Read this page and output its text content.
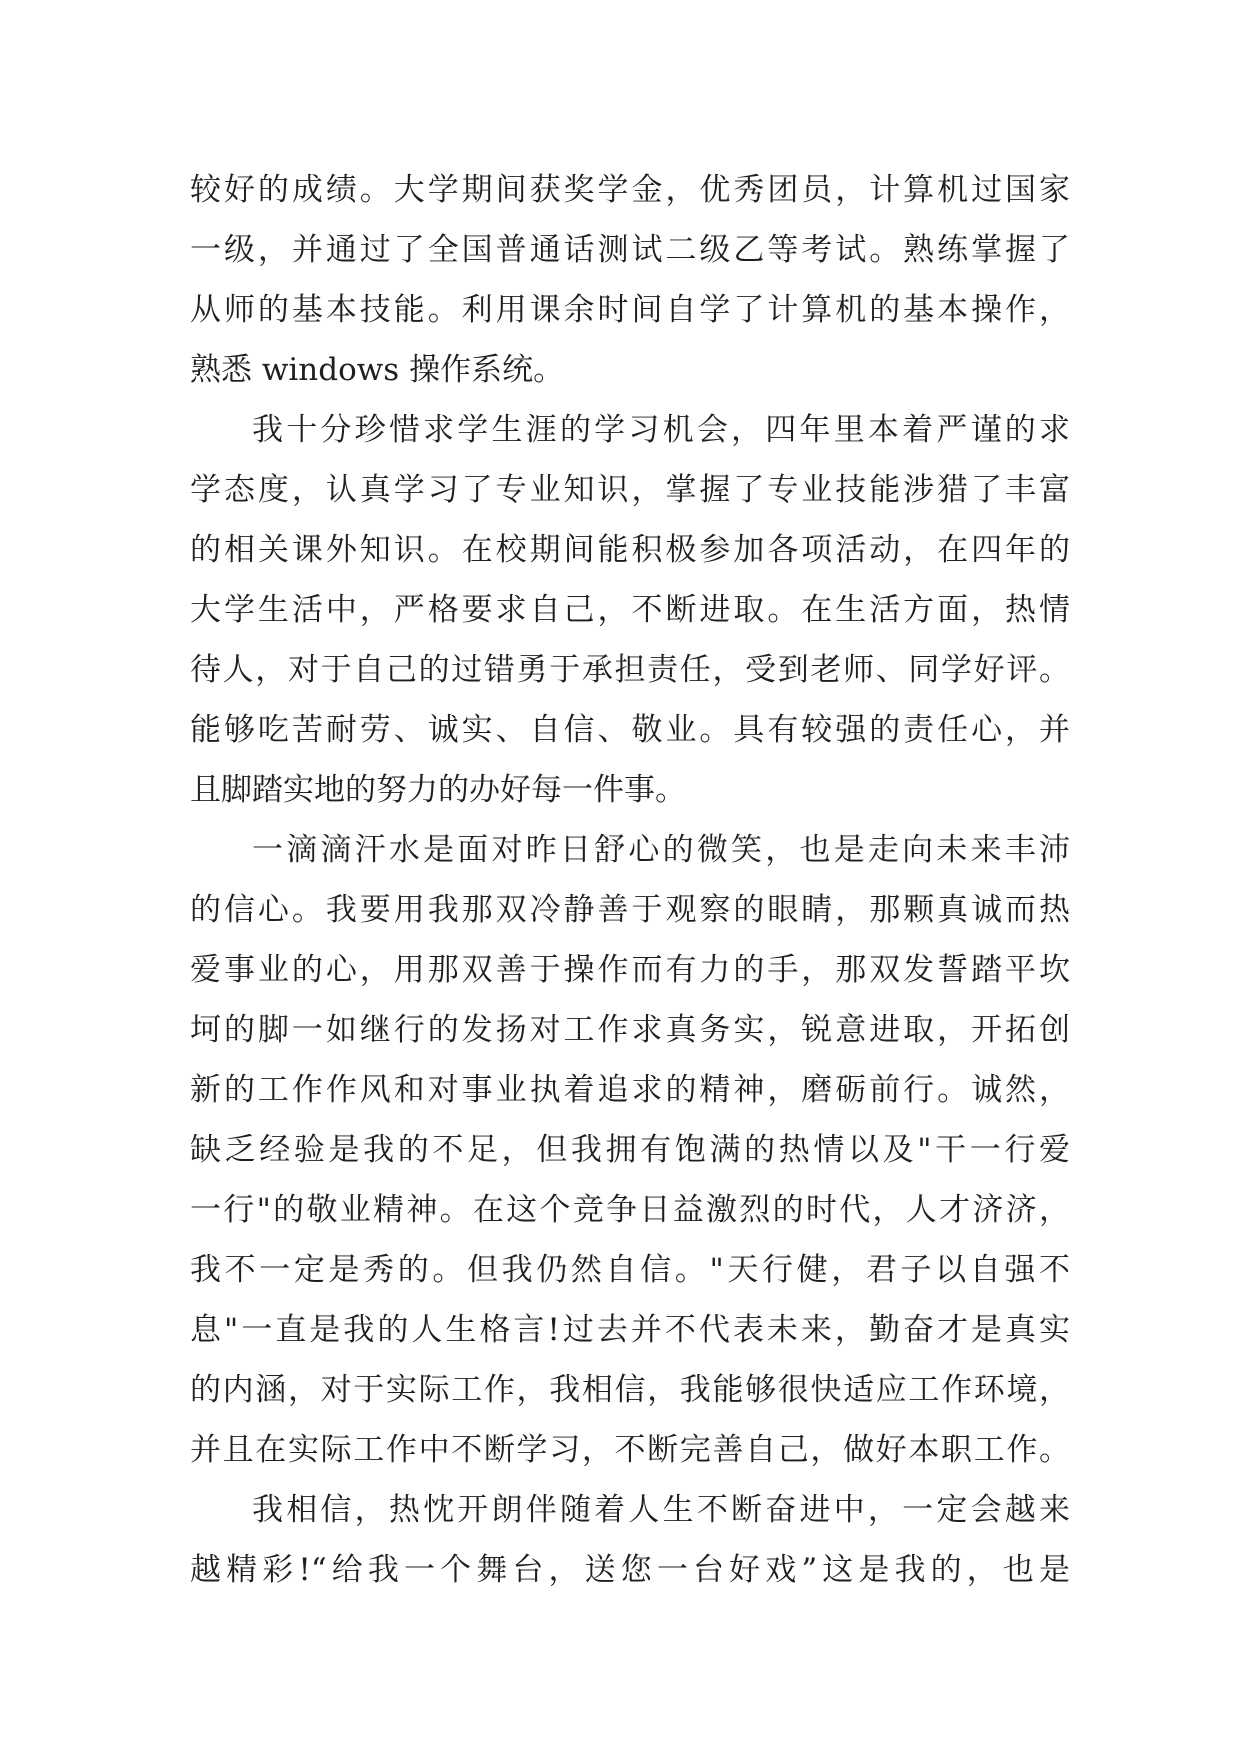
较好的成绩。大学期间获奖学金，优秀团员，计算机过国家
一级，并通过了全国普通话测试二级乙等考试。熟练掌握了
从师的基本技能。利用课余时间自学了计算机的基本操作，
熟悉 windows 操作系统。
我十分珍惜求学生涯的学习机会，四年里本着严谨的求
学态度，认真学习了专业知识，掌握了专业技能涉猎了丰富
的相关课外知识。在校期间能积极参加各项活动，在四年的
大学生活中，严格要求自己，不断进取。在生活方面，热情
待人，对于自己的过错勇于承担责任，受到老师、同学好评。
能够吃苦耐劳、诚实、自信、敬业。具有较强的责任心，并
且脚踏实地的努力的办好每一件事。
一滴滴汗水是面对昨日舒心的微笑，也是走向未来丰沛
的信心。我要用我那双冷静善于观察的眼睛，那颗真诚而热
爱事业的心，用那双善于操作而有力的手，那双发誓踏平坎
坷的脚一如继行的发扬对工作求真务实，锐意进取，开拓创
新的工作作风和对事业执着追求的精神，磨砺前行。诚然，
缺乏经验是我的不足，但我拥有饱满的热情以及"干一行爱
一行"的敬业精神。在这个竞争日益激烈的时代，人才济济，
我不一定是秀的。但我仍然自信。"天行健，君子以自强不
息"一直是我的人生格言!过去并不代表未来，勤奋才是真实
的内涵，对于实际工作，我相信，我能够很快适应工作环境，
并且在实际工作中不断学习，不断完善自己，做好本职工作。
我相信，热忱开朗伴随着人生不断奋进中，一定会越来
越精彩!“给我一个舞台，送您一台好戏”这是我的，也是
